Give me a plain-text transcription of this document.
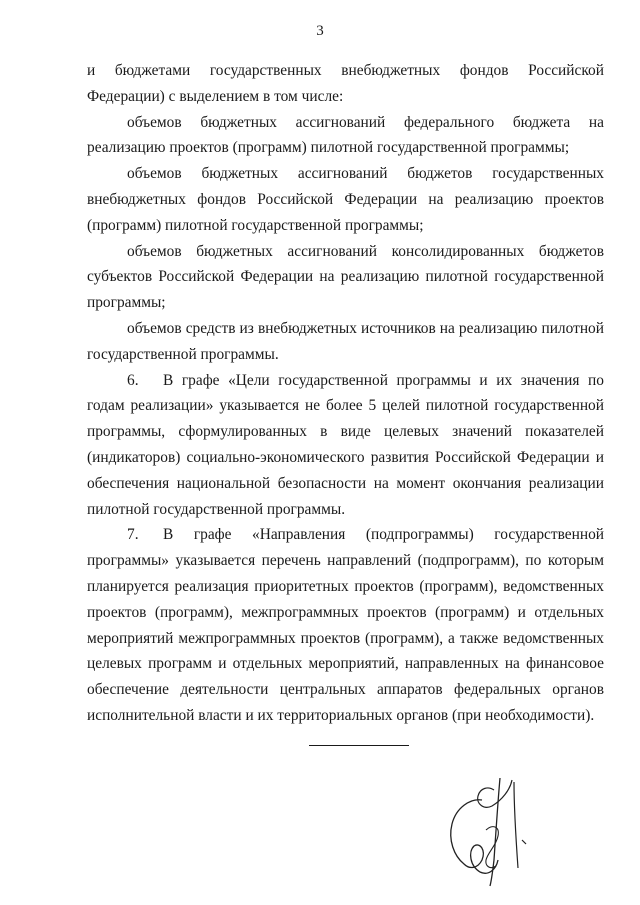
3

и бюджетами государственных внебюджетных фондов Российской Федерации) с выделением в том числе:

объемов бюджетных ассигнований федерального бюджета на реализацию проектов (программ) пилотной государственной программы;

объемов бюджетных ассигнований бюджетов государственных внебюджетных фондов Российской Федерации на реализацию проектов (программ) пилотной государственной программы;

объемов бюджетных ассигнований консолидированных бюджетов субъектов Российской Федерации на реализацию пилотной государственной программы;

объемов средств из внебюджетных источников на реализацию пилотной государственной программы.

6. В графе «Цели государственной программы и их значения по годам реализации» указывается не более 5 целей пилотной государственной программы, сформулированных в виде целевых значений показателей (индикаторов) социально-экономического развития Российской Федерации и обеспечения национальной безопасности на момент окончания реализации пилотной государственной программы.

7. В графе «Направления (подпрограммы) государственной программы» указывается перечень направлений (подпрограмм), по которым планируется реализация приоритетных проектов (программ), ведомственных проектов (программ), межпрограммных проектов (программ) и отдельных мероприятий межпрограммных проектов (программ), а также ведомственных целевых программ и отдельных мероприятий, направленных на финансовое обеспечение деятельности центральных аппаратов федеральных органов исполнительной власти и их территориальных органов (при необходимости).
